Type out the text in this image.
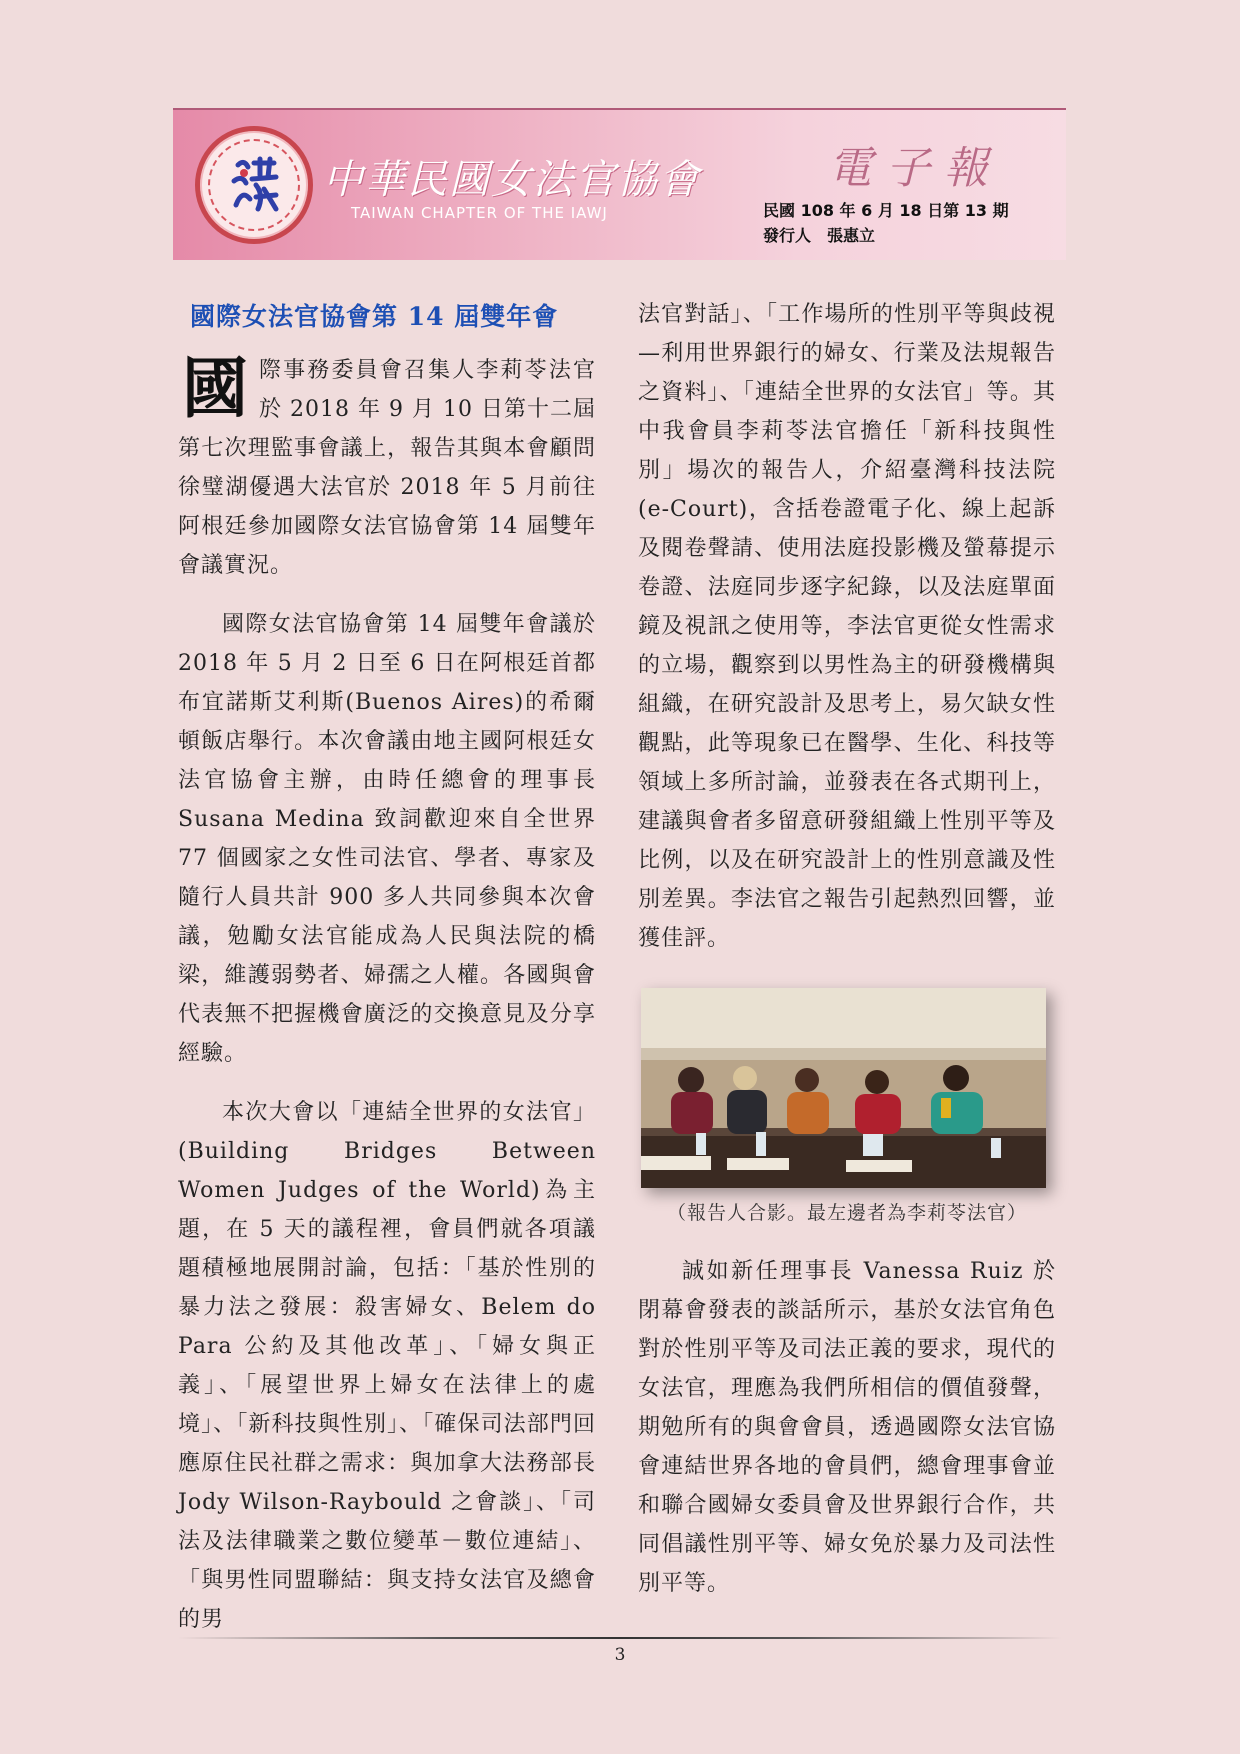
中華民國女法官協會
TAIWAN CHAPTER OF THE IAWJ
電子報
民國 108 年 6 月 18 日第 13 期
發行人　張惠立
國際女法官協會第 14 屆雙年會

國際事務委員會召集人李莉苓法官於 2018 年 9 月 10 日第十二屆第七次理監事會議上，報告其與本會顧問徐璧湖優遇大法官於 2018 年 5 月前往阿根廷參加國際女法官協會第 14 屆雙年會議實況。

國際女法官協會第 14 屆雙年會議於 2018 年 5 月 2 日至 6 日在阿根廷首都布宜諾斯艾利斯(Buenos Aires)的希爾頓飯店舉行。本次會議由地主國阿根廷女法官協會主辦，由時任總會的理事長 Susana Medina 致詞歡迎來自全世界 77 個國家之女性司法官、學者、專家及隨行人員共計 900 多人共同參與本次會議，勉勵女法官能成為人民與法院的橋梁，維護弱勢者、婦孺之人權。各國與會代表無不把握機會廣泛的交換意見及分享經驗。

本次大會以「連結全世界的女法官」(Building Bridges Between Women Judges of the World)為主題，在 5 天的議程裡，會員們就各項議題積極地展開討論，包括：「基於性別的暴力法之發展：殺害婦女、Belem do Para 公約及其他改革」、「婦女與正義」、「展望世界上婦女在法律上的處境」、「新科技與性別」、「確保司法部門回應原住民社群之需求：與加拿大法務部長 Jody Wilson-Raybould 之會談」、「司法及法律職業之數位變革－數位連結」、「與男性同盟聯結：與支持女法官及總會的男

法官對話」、「工作場所的性別平等與歧視—利用世界銀行的婦女、行業及法規報告之資料」、「連結全世界的女法官」等。其中我會員李莉苓法官擔任「新科技與性別」場次的報告人，介紹臺灣科技法院(e-Court)，含括卷證電子化、線上起訴及閱卷聲請、使用法庭投影機及螢幕提示卷證、法庭同步逐字紀錄，以及法庭單面鏡及視訊之使用等，李法官更從女性需求的立場，觀察到以男性為主的研發機構與組織，在研究設計及思考上，易欠缺女性觀點，此等現象已在醫學、生化、科技等領域上多所討論，並發表在各式期刊上，建議與會者多留意研發組織上性別平等及比例，以及在研究設計上的性別意識及性別差異。李法官之報告引起熱烈回響，並獲佳評。

（報告人合影。最左邊者為李莉苓法官）

誠如新任理事長 Vanessa Ruiz 於閉幕會發表的談話所示，基於女法官角色對於性別平等及司法正義的要求，現代的女法官，理應為我們所相信的價值發聲，期勉所有的與會會員，透過國際女法官協會連結世界各地的會員們，總會理事會並和聯合國婦女委員會及世界銀行合作，共同倡議性別平等、婦女免於暴力及司法性別平等。

3
